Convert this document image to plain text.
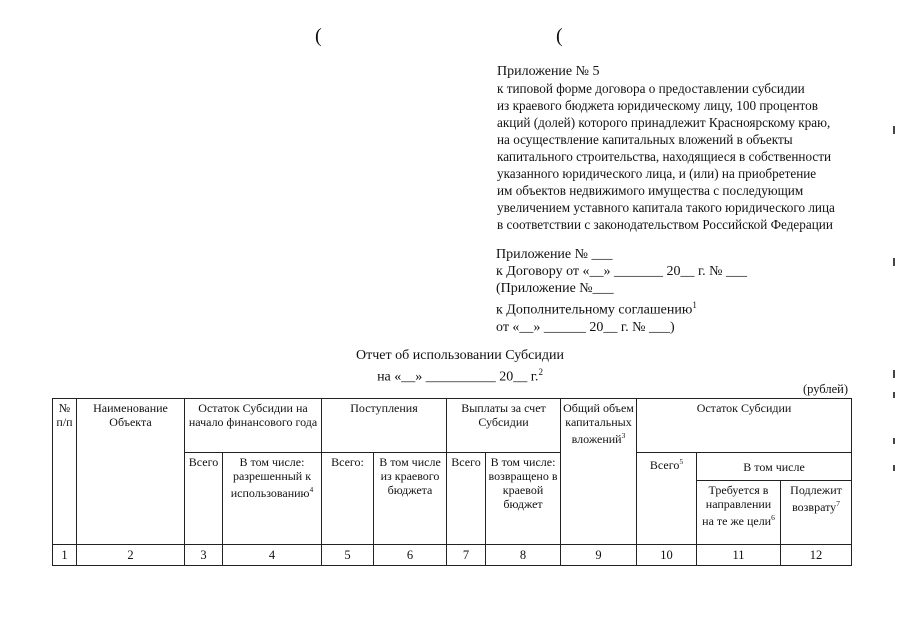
(	(
Приложение № 5
к типовой форме договора о предоставлении субсидии
из краевого бюджета юридическому лицу, 100 процентов
акций (долей) которого принадлежит Красноярскому краю,
на осуществление капитальных вложений в объекты
капитального строительства, находящиеся в собственности
указанного юридического лица, и (или) на приобретение
им объектов недвижимого имущества с последующим
увеличением уставного капитала такого юридического лица
в соответствии с законодательством Российской Федерации
Приложение № ___
к Договору от «__» _______ 20__ г. № ___
(Приложение №___
к Дополнительному соглашению$^1$
от «__» ______ 20__ г. № ___)
Отчет об использовании Субсидии
на «__» __________ 20__ г.$^2$
(рублей)
№ п/п	Наименование Объекта	Остаток Субсидии на начало финансового года		Поступления		Выплаты за счет Субсидии		Общий объем капитальных вложений$^3$	Остаток Субсидии		
		Всего	В том числе: разрешенный к использованию$^4$	Всего:	В том числе из краевого бюджета	Всего	В том числе: возвращено в краевой бюджет		Всего$^5$	В том числе	
										Требуется в направлении на те же цели$^6$	Подлежит возврату$^7$
1	2	3	4	5	6	7	8	9	10	11	12
